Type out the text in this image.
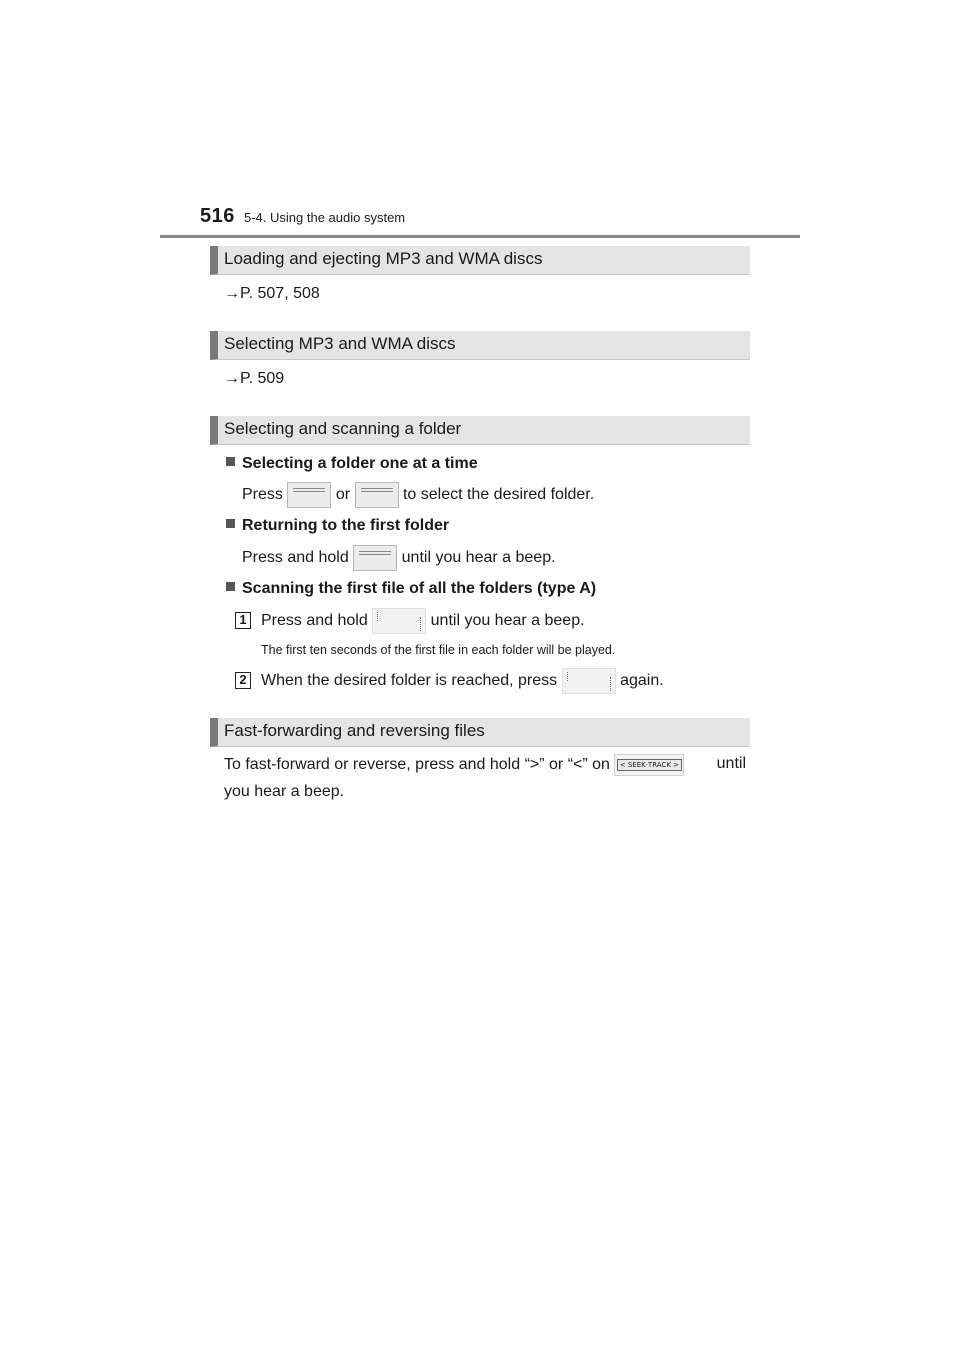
516 5-4. Using the audio system
Loading and ejecting MP3 and WMA discs
→P. 507, 508
Selecting MP3 and WMA discs
→P. 509
Selecting and scanning a folder
Selecting a folder one at a time
Press	or	to select the desired folder.
Returning to the first folder
Press and hold	until you hear a beep.
Scanning the first file of all the folders (type A)
1 Press and hold	until you hear a beep.
The first ten seconds of the first file in each folder will be played.
2 When the desired folder is reached, press	again.
Fast-forwarding and reversing files
To fast-forward or reverse, press and hold “>” or “<” on < SEEK·TRACK > until
you hear a beep.
